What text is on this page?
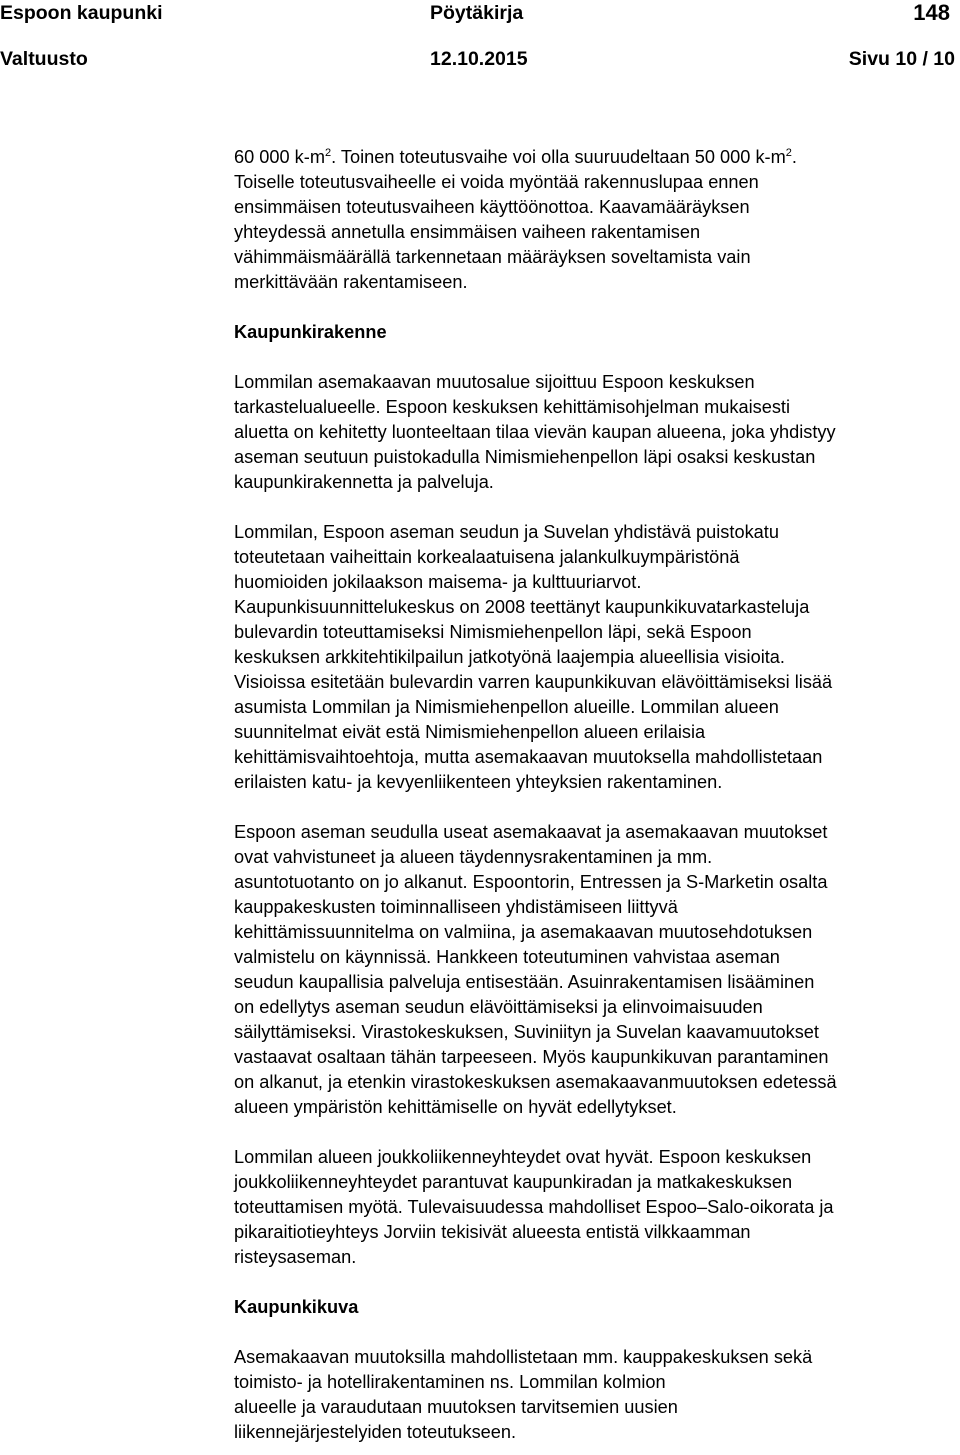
Espoon kaupunki	Pöytäkirja	148
Valtuusto	12.10.2015	Sivu 10 / 10

60 000 $k-m^2$. Toinen toteutusvaihe voi olla suuruudeltaan 50 000 $k-m^2$.
Toiselle toteutusvaiheelle ei voida myöntää rakennuslupaa ennen
ensimmäisen toteutusvaiheen käyttöönottoa. Kaavamääräyksen
yhteydessä annetulla ensimmäisen vaiheen rakentamisen
vähimmäismäärällä tarkennetaan määräyksen soveltamista vain
merkittävään rakentamiseen.

Kaupunkirakenne

Lommilan asemakaavan muutosalue sijoittuu Espoon keskuksen
tarkastelualueelle. Espoon keskuksen kehittämisohjelman mukaisesti
aluetta on kehitetty luonteeltaan tilaa vievän kaupan alueena, joka yhdistyy
aseman seutuun puistokadulla Nimismiehenpellon läpi osaksi keskustan
kaupunkirakennetta ja palveluja.

Lommilan, Espoon aseman seudun ja Suvelan yhdistävä puistokatu
toteutetaan vaiheittain korkealaatuisena jalankulkuympäristönä
huomioiden jokilaakson maisema- ja kulttuuriarvot.
Kaupunkisuunnittelukeskus on 2008 teettänyt kaupunkikuvatarkasteluja
bulevardin toteuttamiseksi Nimismiehenpellon läpi, sekä Espoon
keskuksen arkkitehtikilpailun jatkotyönä laajempia alueellisia visioita.
Visioissa esitetään bulevardin varren kaupunkikuvan elävöittämiseksi lisää
asumista Lommilan ja Nimismiehenpellon alueille. Lommilan alueen
suunnitelmat eivät estä Nimismiehenpellon alueen erilaisia
kehittämisvaihtoehtoja, mutta asemakaavan muutoksella mahdollistetaan
erilaisten katu- ja kevyenliikenteen yhteyksien rakentaminen.

Espoon aseman seudulla useat asemakaavat ja asemakaavan muutokset
ovat vahvistuneet ja alueen täydennysrakentaminen ja mm.
asuntotuotanto on jo alkanut. Espoontorin, Entressen ja S-Marketin osalta
kauppakeskusten toiminnalliseen yhdistämiseen liittyvä
kehittämissuunnitelma on valmiina, ja asemakaavan muutosehdotuksen
valmistelu on käynnissä. Hankkeen toteutuminen vahvistaa aseman
seudun kaupallisia palveluja entisestään. Asuinrakentamisen lisääminen
on edellytys aseman seudun elävöittämiseksi ja elinvoimaisuuden
säilyttämiseksi. Virastokeskuksen, Suviniityn ja Suvelan kaavamuutokset
vastaavat osaltaan tähän tarpeeseen. Myös kaupunkikuvan parantaminen
on alkanut, ja etenkin virastokeskuksen asemakaavanmuutoksen edetessä
alueen ympäristön kehittämiselle on hyvät edellytykset.

Lommilan alueen joukkoliikenneyhteydet ovat hyvät. Espoon keskuksen
joukkoliikenneyhteydet parantuvat kaupunkiradan ja matkakeskuksen
toteuttamisen myötä. Tulevaisuudessa mahdolliset Espoo–Salo-oikorata ja
pikaraitiotieyhteys Jorviin tekisivät alueesta entistä vilkkaamman
risteysaseman.

Kaupunkikuva

Asemakaavan muutoksilla mahdollistetaan mm. kauppakeskuksen sekä
toimisto- ja hotellirakentaminen ns. Lommilan kolmion
alueelle ja varaudutaan muutoksen tarvitsemien uusien
liikennejärjestelyiden toteutukseen.
